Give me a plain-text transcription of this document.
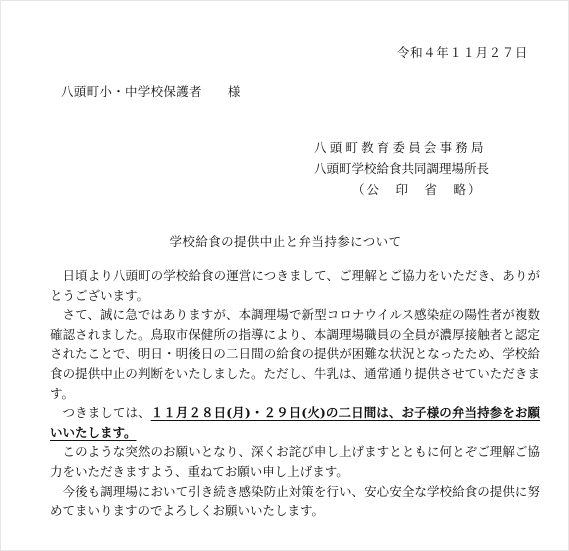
令和４年１１月２７日
八頭町小・中学校保護者 様
八頭町教育委員会事務局
八頭町学校給食共同調理場所長
（公　印　省　略）
学校給食の提供中止と弁当持参について

日頃より八頭町の学校給食の運営につきまして、ご理解とご協力をいただき、ありがとうございます。

さて、誠に急ではありますが、本調理場で新型コロナウイルス感染症の陽性者が複数確認されました。鳥取市保健所の指導により、本調理場職員の全員が濃厚接触者と認定されたことで、明日・明後日の二日間の給食の提供が困難な状況となったため、学校給食の提供中止の判断をいたしました。ただし、牛乳は、通常通り提供させていただきます。

つきましては、１１月２８日(月)・２９日(火)の二日間は、お子様の弁当持参をお願いいたします。

このような突然のお願いとなり、深くお詫び申し上げますとともに何とぞご理解ご協力をいただきますよう、重ねてお願い申し上げます。

今後も調理場において引き続き感染防止対策を行い、安心安全な学校給食の提供に努めてまいりますのでよろしくお願いいたします。
